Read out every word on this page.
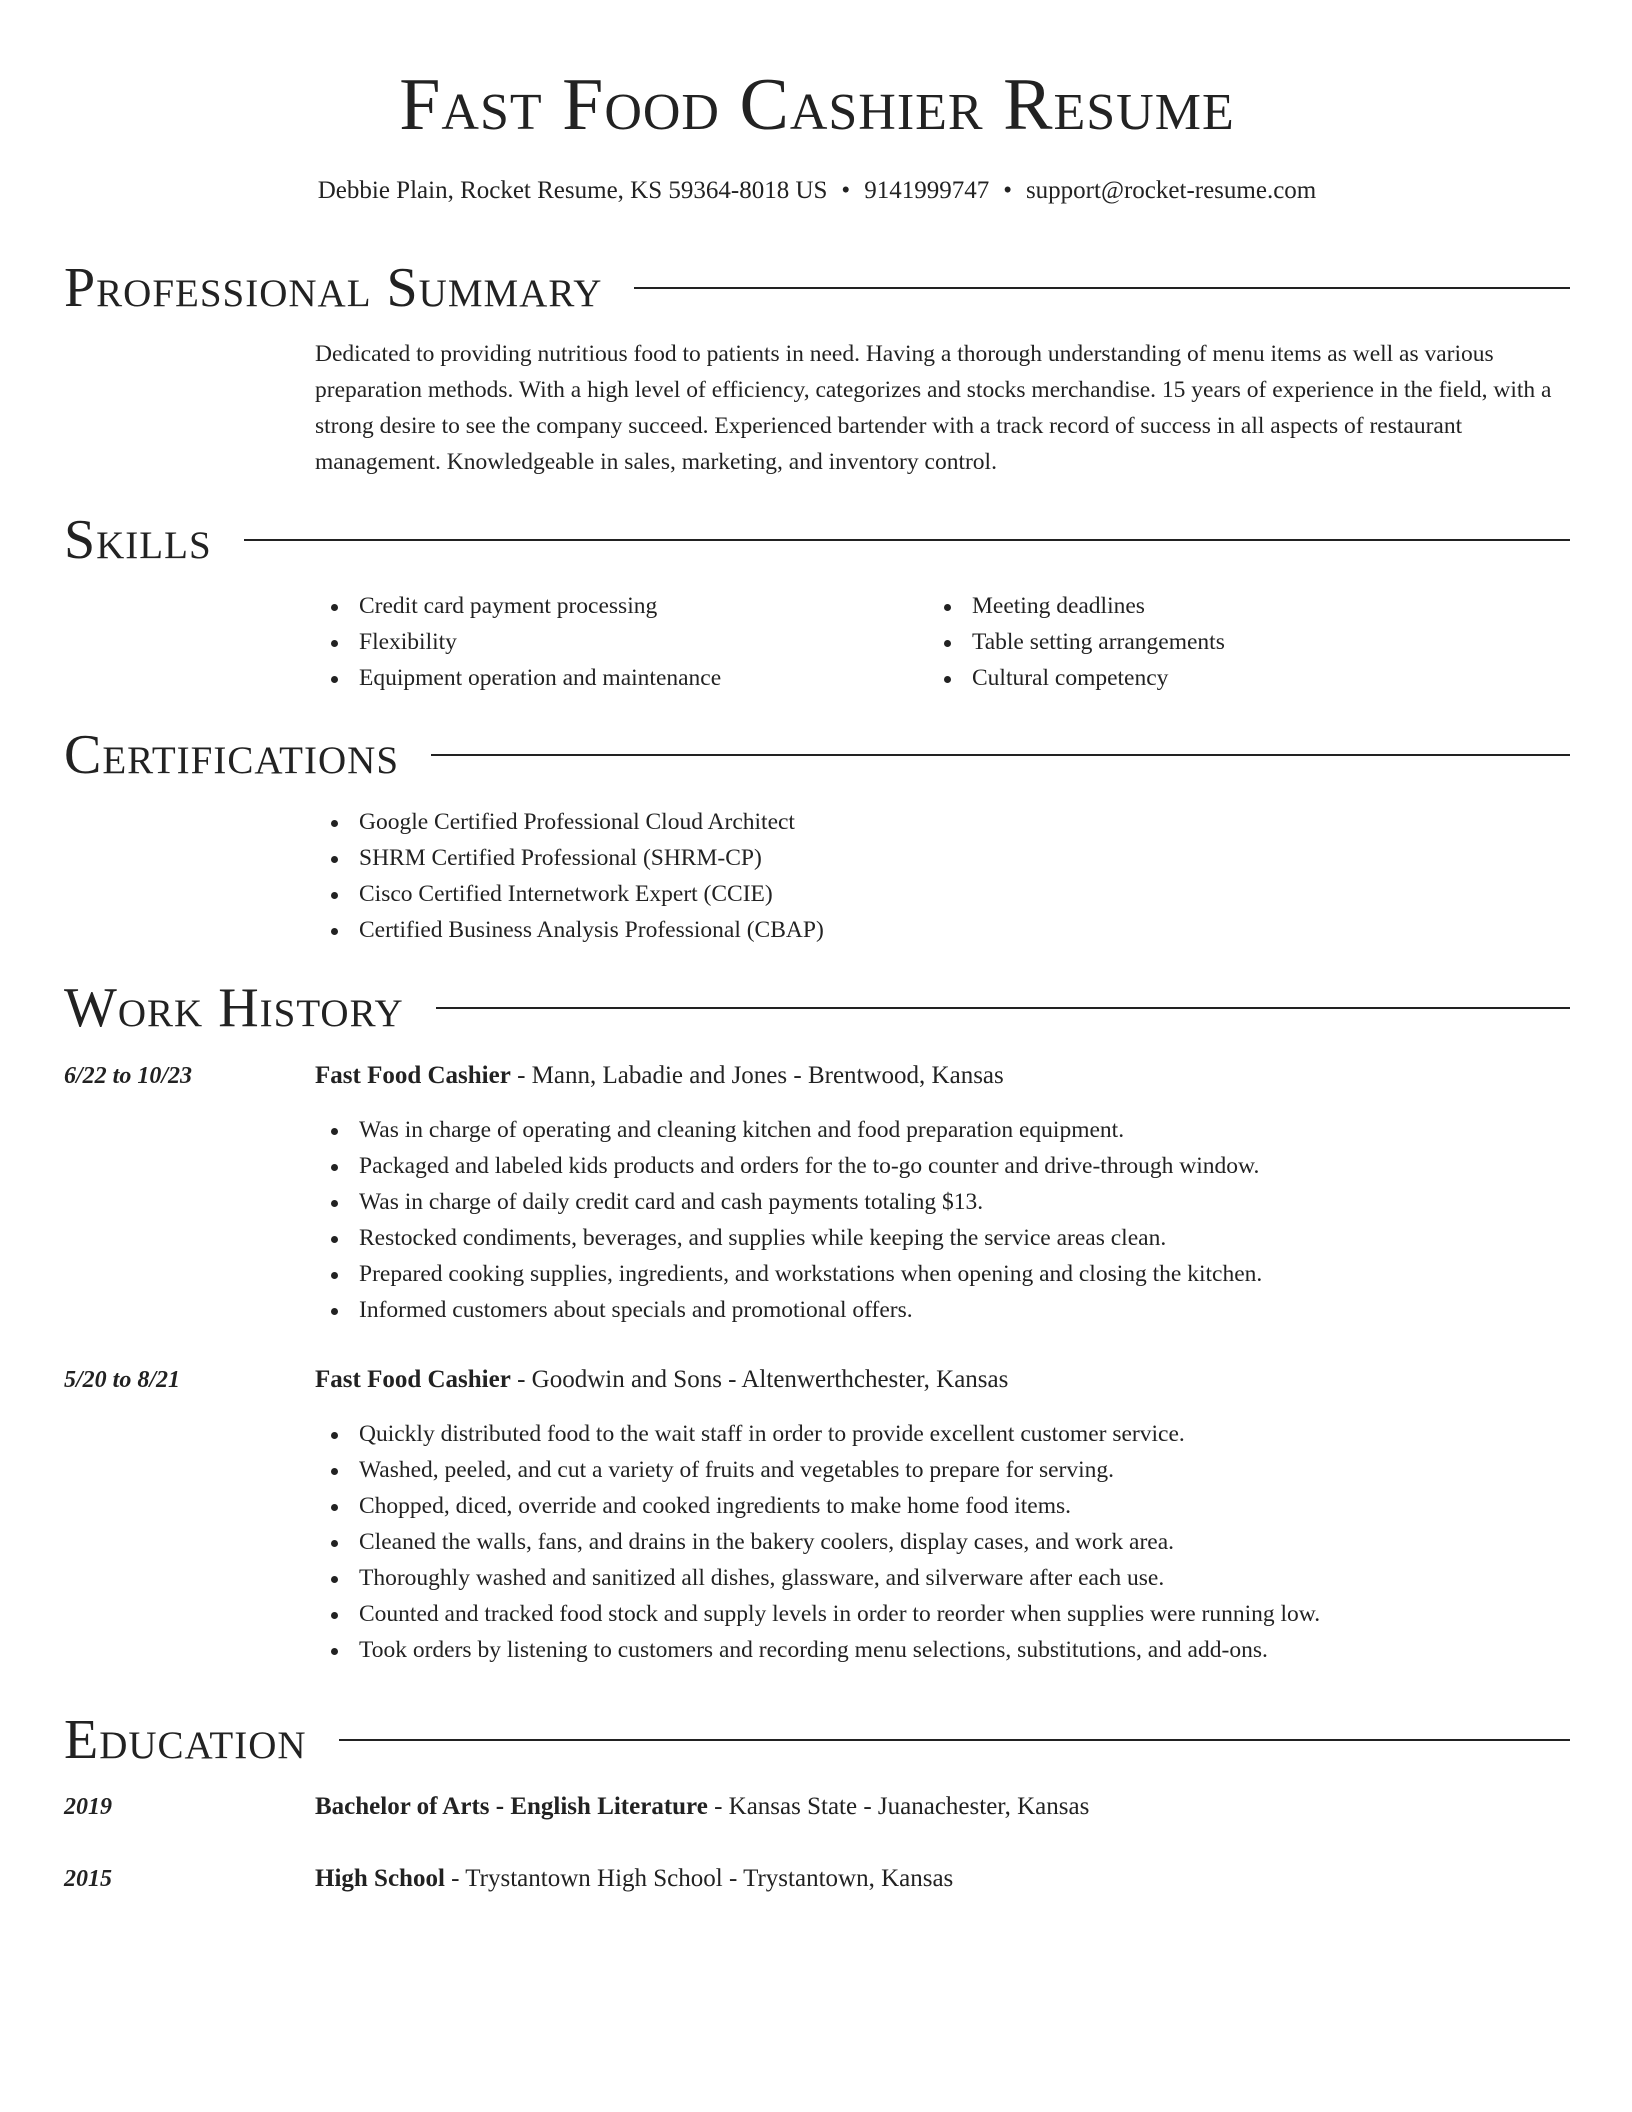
Fast Food Cashier Resume
Debbie Plain, Rocket Resume, KS 59364-8018 US • 9141999747 • support@rocket-resume.com
Professional Summary
Dedicated to providing nutritious food to patients in need. Having a thorough understanding of menu items as well as various preparation methods. With a high level of efficiency, categorizes and stocks merchandise. 15 years of experience in the field, with a strong desire to see the company succeed. Experienced bartender with a track record of success in all aspects of restaurant management. Knowledgeable in sales, marketing, and inventory control.
Skills
Credit card payment processing
Flexibility
Equipment operation and maintenance
Meeting deadlines
Table setting arrangements
Cultural competency
Certifications
Google Certified Professional Cloud Architect
SHRM Certified Professional (SHRM-CP)
Cisco Certified Internetwork Expert (CCIE)
Certified Business Analysis Professional (CBAP)
Work History
6/22 to 10/23	Fast Food Cashier - Mann, Labadie and Jones - Brentwood, Kansas
Was in charge of operating and cleaning kitchen and food preparation equipment.
Packaged and labeled kids products and orders for the to-go counter and drive-through window.
Was in charge of daily credit card and cash payments totaling $13.
Restocked condiments, beverages, and supplies while keeping the service areas clean.
Prepared cooking supplies, ingredients, and workstations when opening and closing the kitchen.
Informed customers about specials and promotional offers.
5/20 to 8/21	Fast Food Cashier - Goodwin and Sons - Altenwerthchester, Kansas
Quickly distributed food to the wait staff in order to provide excellent customer service.
Washed, peeled, and cut a variety of fruits and vegetables to prepare for serving.
Chopped, diced, override and cooked ingredients to make home food items.
Cleaned the walls, fans, and drains in the bakery coolers, display cases, and work area.
Thoroughly washed and sanitized all dishes, glassware, and silverware after each use.
Counted and tracked food stock and supply levels in order to reorder when supplies were running low.
Took orders by listening to customers and recording menu selections, substitutions, and add-ons.
Education
2019	Bachelor of Arts - English Literature - Kansas State - Juanachester, Kansas
2015	High School - Trystantown High School - Trystantown, Kansas
